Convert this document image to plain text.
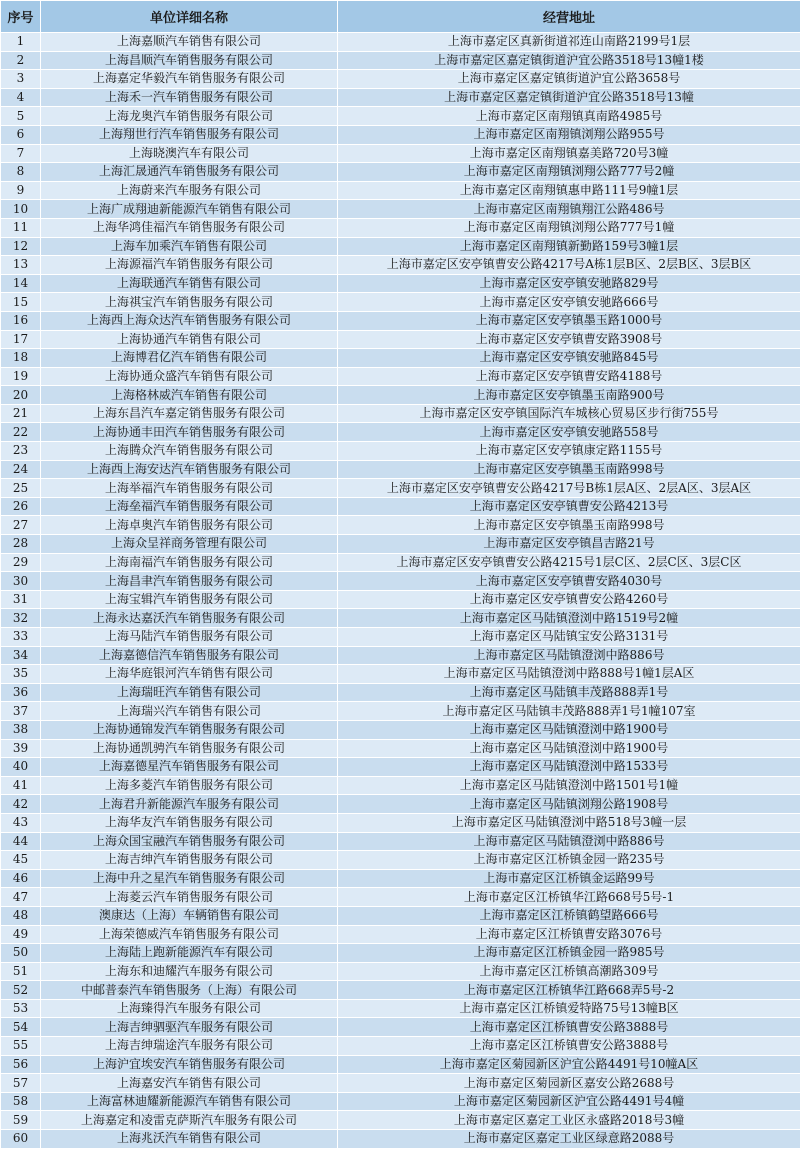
序号	单位详细名称	经营地址
1	上海嘉顺汽车销售有限公司	上海市嘉定区真新街道祁连山南路2199号1层
2	上海昌顺汽车销售服务有限公司	上海市嘉定区嘉定镇街道沪宜公路3518号13幢1楼
3	上海嘉定华毅汽车销售服务有限公司	上海市嘉定区嘉定镇街道沪宜公路3658号
4	上海禾一汽车销售服务有限公司	上海市嘉定区嘉定镇街道沪宜公路3518号13幢
5	上海龙奥汽车销售服务有限公司	上海市嘉定区南翔镇真南路4985号
6	上海翔世行汽车销售服务有限公司	上海市嘉定区南翔镇浏翔公路955号
7	上海晓澳汽车有限公司	上海市嘉定区南翔镇嘉美路720号3幢
8	上海汇晟通汽车销售服务有限公司	上海市嘉定区南翔镇浏翔公路777号2幢
9	上海蔚来汽车服务有限公司	上海市嘉定区南翔镇惠申路111号9幢1层
10	上海广成翔迪新能源汽车销售有限公司	上海市嘉定区南翔镇翔江公路486号
11	上海华鸿佳福汽车销售服务有限公司	上海市嘉定区南翔镇浏翔公路777号1幢
12	上海车加乘汽车销售有限公司	上海市嘉定区南翔镇新勤路159号3幢1层
13	上海源福汽车销售服务有限公司	上海市嘉定区安亭镇曹安公路4217号A栋1层B区、2层B区、3层B区
14	上海联通汽车销售有限公司	上海市嘉定区安亭镇安驰路829号
15	上海祺宝汽车销售服务有限公司	上海市嘉定区安亭镇安驰路666号
16	上海西上海众达汽车销售服务有限公司	上海市嘉定区安亭镇墨玉路1000号
17	上海协通汽车销售有限公司	上海市嘉定区安亭镇曹安路3908号
18	上海博君亿汽车销售有限公司	上海市嘉定区安亭镇安驰路845号
19	上海协通众盛汽车销售有限公司	上海市嘉定区安亭镇曹安路4188号
20	上海格林威汽车销售有限公司	上海市嘉定区安亭镇墨玉南路900号
21	上海东昌汽车嘉定销售服务有限公司	上海市嘉定区安亭镇国际汽车城核心贸易区步行街755号
22	上海协通丰田汽车销售服务有限公司	上海市嘉定区安亭镇安驰路558号
23	上海腾众汽车销售服务有限公司	上海市嘉定区安亭镇康定路1155号
24	上海西上海安达汽车销售服务有限公司	上海市嘉定区安亭镇墨玉南路998号
25	上海举福汽车销售服务有限公司	上海市嘉定区安亭镇曹安公路4217号B栋1层A区、2层A区、3层A区
26	上海垒福汽车销售服务有限公司	上海市嘉定区安亭镇曹安公路4213号
27	上海卓奥汽车销售服务有限公司	上海市嘉定区安亭镇墨玉南路998号
28	上海众呈祥商务管理有限公司	上海市嘉定区安亭镇昌吉路21号
29	上海南福汽车销售服务有限公司	上海市嘉定区安亭镇曹安公路4215号1层C区、2层C区、3层C区
30	上海昌聿汽车销售服务有限公司	上海市嘉定区安亭镇曹安路4030号
31	上海宝辑汽车销售服务有限公司	上海市嘉定区安亭镇曹安公路4260号
32	上海永达嘉沃汽车销售服务有限公司	上海市嘉定区马陆镇澄浏中路1519号2幢
33	上海马陆汽车销售服务有限公司	上海市嘉定区马陆镇宝安公路3131号
34	上海嘉德信汽车销售服务有限公司	上海市嘉定区马陆镇澄浏中路886号
35	上海华庭银河汽车销售有限公司	上海市嘉定区马陆镇澄浏中路888号1幢1层A区
36	上海瑞旺汽车销售有限公司	上海市嘉定区马陆镇丰茂路888弄1号
37	上海瑞兴汽车销售有限公司	上海市嘉定区马陆镇丰茂路888弄1号1幢107室
38	上海协通锦发汽车销售服务有限公司	上海市嘉定区马陆镇澄浏中路1900号
39	上海协通凯骋汽车销售服务有限公司	上海市嘉定区马陆镇澄浏中路1900号
40	上海嘉德星汽车销售服务有限公司	上海市嘉定区马陆镇澄浏中路1533号
41	上海多菱汽车销售服务有限公司	上海市嘉定区马陆镇澄浏中路1501号1幢
42	上海君升新能源汽车服务有限公司	上海市嘉定区马陆镇浏翔公路1908号
43	上海华友汽车销售服务有限公司	上海市嘉定区马陆镇澄浏中路518号3幢一层
44	上海众国宝融汽车销售服务有限公司	上海市嘉定区马陆镇澄浏中路886号
45	上海吉绅汽车销售服务有限公司	上海市嘉定区江桥镇金园一路235号
46	上海中升之星汽车销售服务有限公司	上海市嘉定区江桥镇金运路99号
47	上海菱云汽车销售服务有限公司	上海市嘉定区江桥镇华江路668号5号-1
48	澳康达（上海）车辆销售有限公司	上海市嘉定区江桥镇鹤望路666号
49	上海荣德威汽车销售服务有限公司	上海市嘉定区江桥镇曹安路3076号
50	上海陆上跑新能源汽车有限公司	上海市嘉定区江桥镇金园一路985号
51	上海东和迪耀汽车服务有限公司	上海市嘉定区江桥镇高潮路309号
52	中邮普泰汽车销售服务（上海）有限公司	上海市嘉定区江桥镇华江路668弄5号-2
53	上海臻得汽车服务有限公司	上海市嘉定区江桥镇爱特路75号13幢B区
54	上海吉绅驷驱汽车服务有限公司	上海市嘉定区江桥镇曹安公路3888号
55	上海吉绅瑞途汽车服务有限公司	上海市嘉定区江桥镇曹安公路3888号
56	上海沪宜埃安汽车销售服务有限公司	上海市嘉定区菊园新区沪宜公路4491号10幢A区
57	上海嘉安汽车销售有限公司	上海市嘉定区菊园新区嘉安公路2688号
58	上海富林迪耀新能源汽车销售有限公司	上海市嘉定区菊园新区沪宜公路4491号4幢
59	上海嘉定和凌雷克萨斯汽车服务有限公司	上海市嘉定区嘉定工业区永盛路2018号3幢
60	上海兆沃汽车销售有限公司	上海市嘉定区嘉定工业区绿意路2088号
